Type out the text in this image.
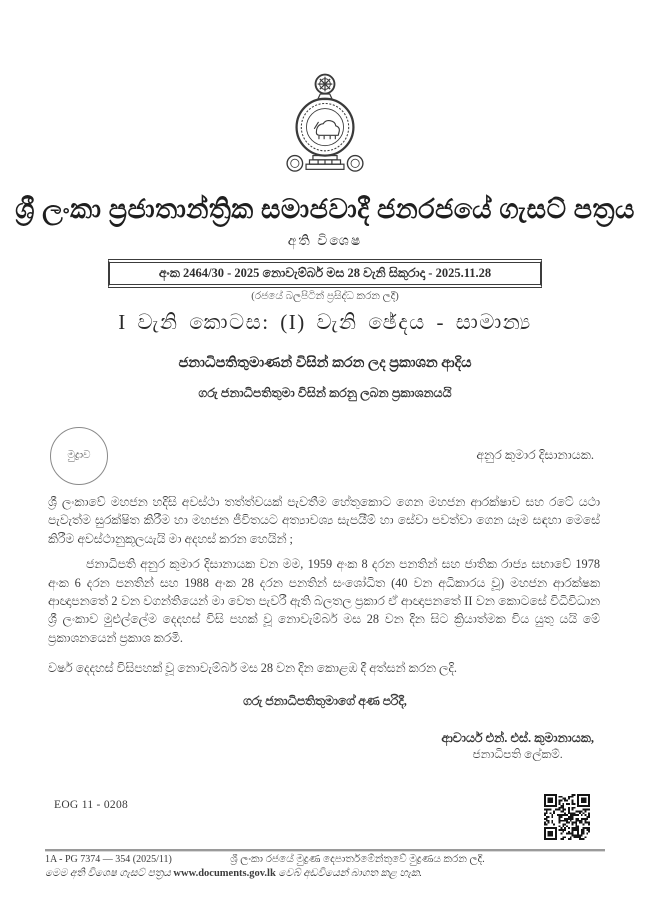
ශ්‍රී ලංකා ප්‍රජාතාන්ත්‍රික සමාජවාදී ජනරජයේ ගැසට් පත්‍රය
අති විශෙෂ
අංක 2464/30 - 2025 නොවැම්බර් මස 28 වැනි සිකුරාදා - 2025.11.28
(රජයේ බලපිටින් ප්‍රසිද්ධ කරන ලදී)
I වැනි කොටස: (I) වැනි ඡේදය - සාමාන්‍ය
ජනාධිපතිතුමාණන් විසින් කරන ලද ප්‍රකාශන ආදිය
ගරු ජනාධිපතිතුමා විසින් කරනු ලබන ප්‍රකාශනයයි
මුද්‍රාව	අනුර කුමාර දිසානායක.

ශ්‍රී ලංකාවේ මහජන හදිසි අවස්ථා තත්ත්වයක් පැවතීම හේතුකොට ගෙන මහජන ආරක්ෂාව සහ රටේ යථා පැවැත්ම සුරක්ෂිත කිරීම හා මහජන ජීවිතයට අත්‍යාවශ්‍ය සැපයීම් හා සේවා පවත්වා ගෙන යෑම සඳහා මෙසේ කිරීම අවස්ථානුකූලයැයි මා අදහස් කරන හෙයින් ;

ජනාධිපති අනුර කුමාර දිසානායක වන මම, 1959 අංක 8 දරන පනතින් සහ ජාතික රාජ්‍ය සභාවේ 1978 අංක 6 දරන පනතින් සහ 1988 අංක 28 දරන පනතින් සංශෝධිත (40 වන අධිකාරය වූ) මහජන ආරක්ෂක ආඥාපනතේ 2 වන වගන්තියෙන් මා වෙත පැවරී ඇති බලතල ප්‍රකාර ඒ ආඥාපනතේ II වන කොටසේ විධිවිධාන ශ්‍රී ලංකාව මුළුල්ලේම දෙදහස් විසි පහක් වූ නොවැම්බර් මස 28 වන දින සිට ක්‍රියාත්මක විය යුතු යයි මේ ප්‍රකාශනයෙන් ප්‍රකාශ කරමි.

වර්ෂ දෙදහස් විසිපහක් වූ නොවැම්බර් මස 28 වන දින කොළඹ දී අත්සන් කරන ලදි.

ගරු ජනාධිපතිතුමාගේ අණ පරිදි,
ආචාර්ය එන්. එස්. කුමානායක,
ජනාධිපති ලේකම්.
EOG 11 - 0208
1A - PG 7374 — 354 (2025/11)	ශ්‍රී ලංකා රජයේ මුද්‍රණ දෙපාර්තමේන්තුවේ මුද්‍රණය කරන ලදි.
මෙම අති විශෙෂ ගැසට් පත්‍රය www.documents.gov.lk වෙබ් අඩවියෙන් බාගත කළ හැක.
